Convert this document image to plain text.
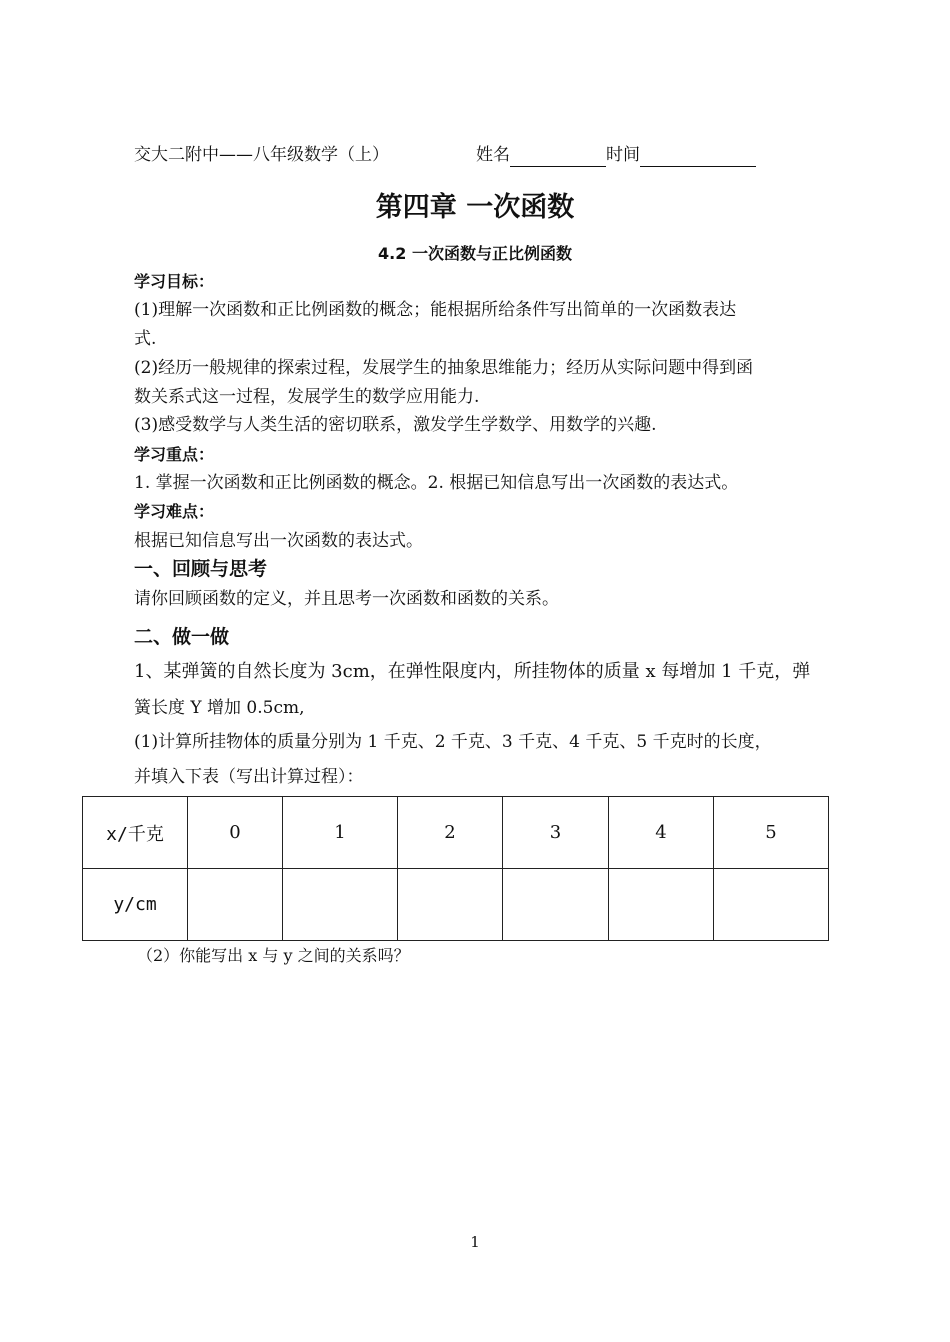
交大二附中——八年级数学（上）	姓名	时间
第四章 一次函数
4.2 一次函数与正比例函数
学习目标：
(1)理解一次函数和正比例函数的概念；能根据所给条件写出简单的一次函数表达
式.
(2)经历一般规律的探索过程，发展学生的抽象思维能力；经历从实际问题中得到函
数关系式这一过程，发展学生的数学应用能力.
(3)感受数学与人类生活的密切联系，激发学生学数学、用数学的兴趣.
学习重点：
1. 掌握一次函数和正比例函数的概念。2. 根据已知信息写出一次函数的表达式。
学习难点：
根据已知信息写出一次函数的表达式。
一、回顾与思考
请你回顾函数的定义，并且思考一次函数和函数的关系。
二、做一做
1、某弹簧的自然长度为 3cm，在弹性限度内，所挂物体的质量 x 每增加 1 千克，弹
簧长度 Y 增加 0.5cm,
(1)计算所挂物体的质量分别为 1 千克、2 千克、3 千克、4 千克、5 千克时的长度，
并填入下表（写出计算过程）：
x/千克	0	1	2	3	4	5
y/cm						
（2）你能写出 x 与 y 之间的关系吗？
1
